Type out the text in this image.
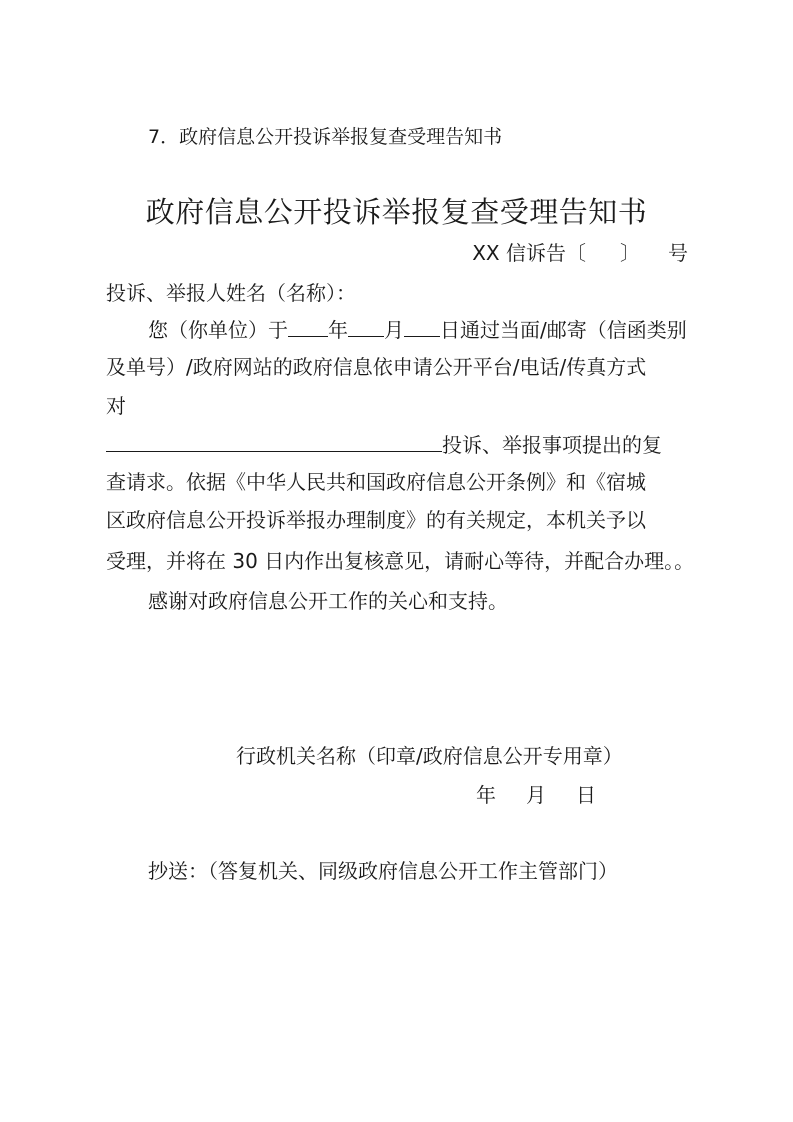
7．政府信息公开投诉举报复查受理告知书
政府信息公开投诉举报复查受理告知书
XX 信诉告〔 〕 号
投诉、举报人姓名（名称）：
您（你单位）于 年 月 日通过当面/邮寄（信函类别
及单号）/政府网站的政府信息依申请公开平台/电话/传真方式
对
投诉、举报事项提出的复
查请求。依据《中华人民共和国政府信息公开条例》和《宿城
区政府信息公开投诉举报办理制度》的有关规定，本机关予以
受理，并将在 30 日内作出复核意见，请耐心等待，并配合办理。。
感谢对政府信息公开工作的关心和支持。
行政机关名称（印章/政府信息公开专用章）
年 月 日
抄送：（答复机关、同级政府信息公开工作主管部门）
